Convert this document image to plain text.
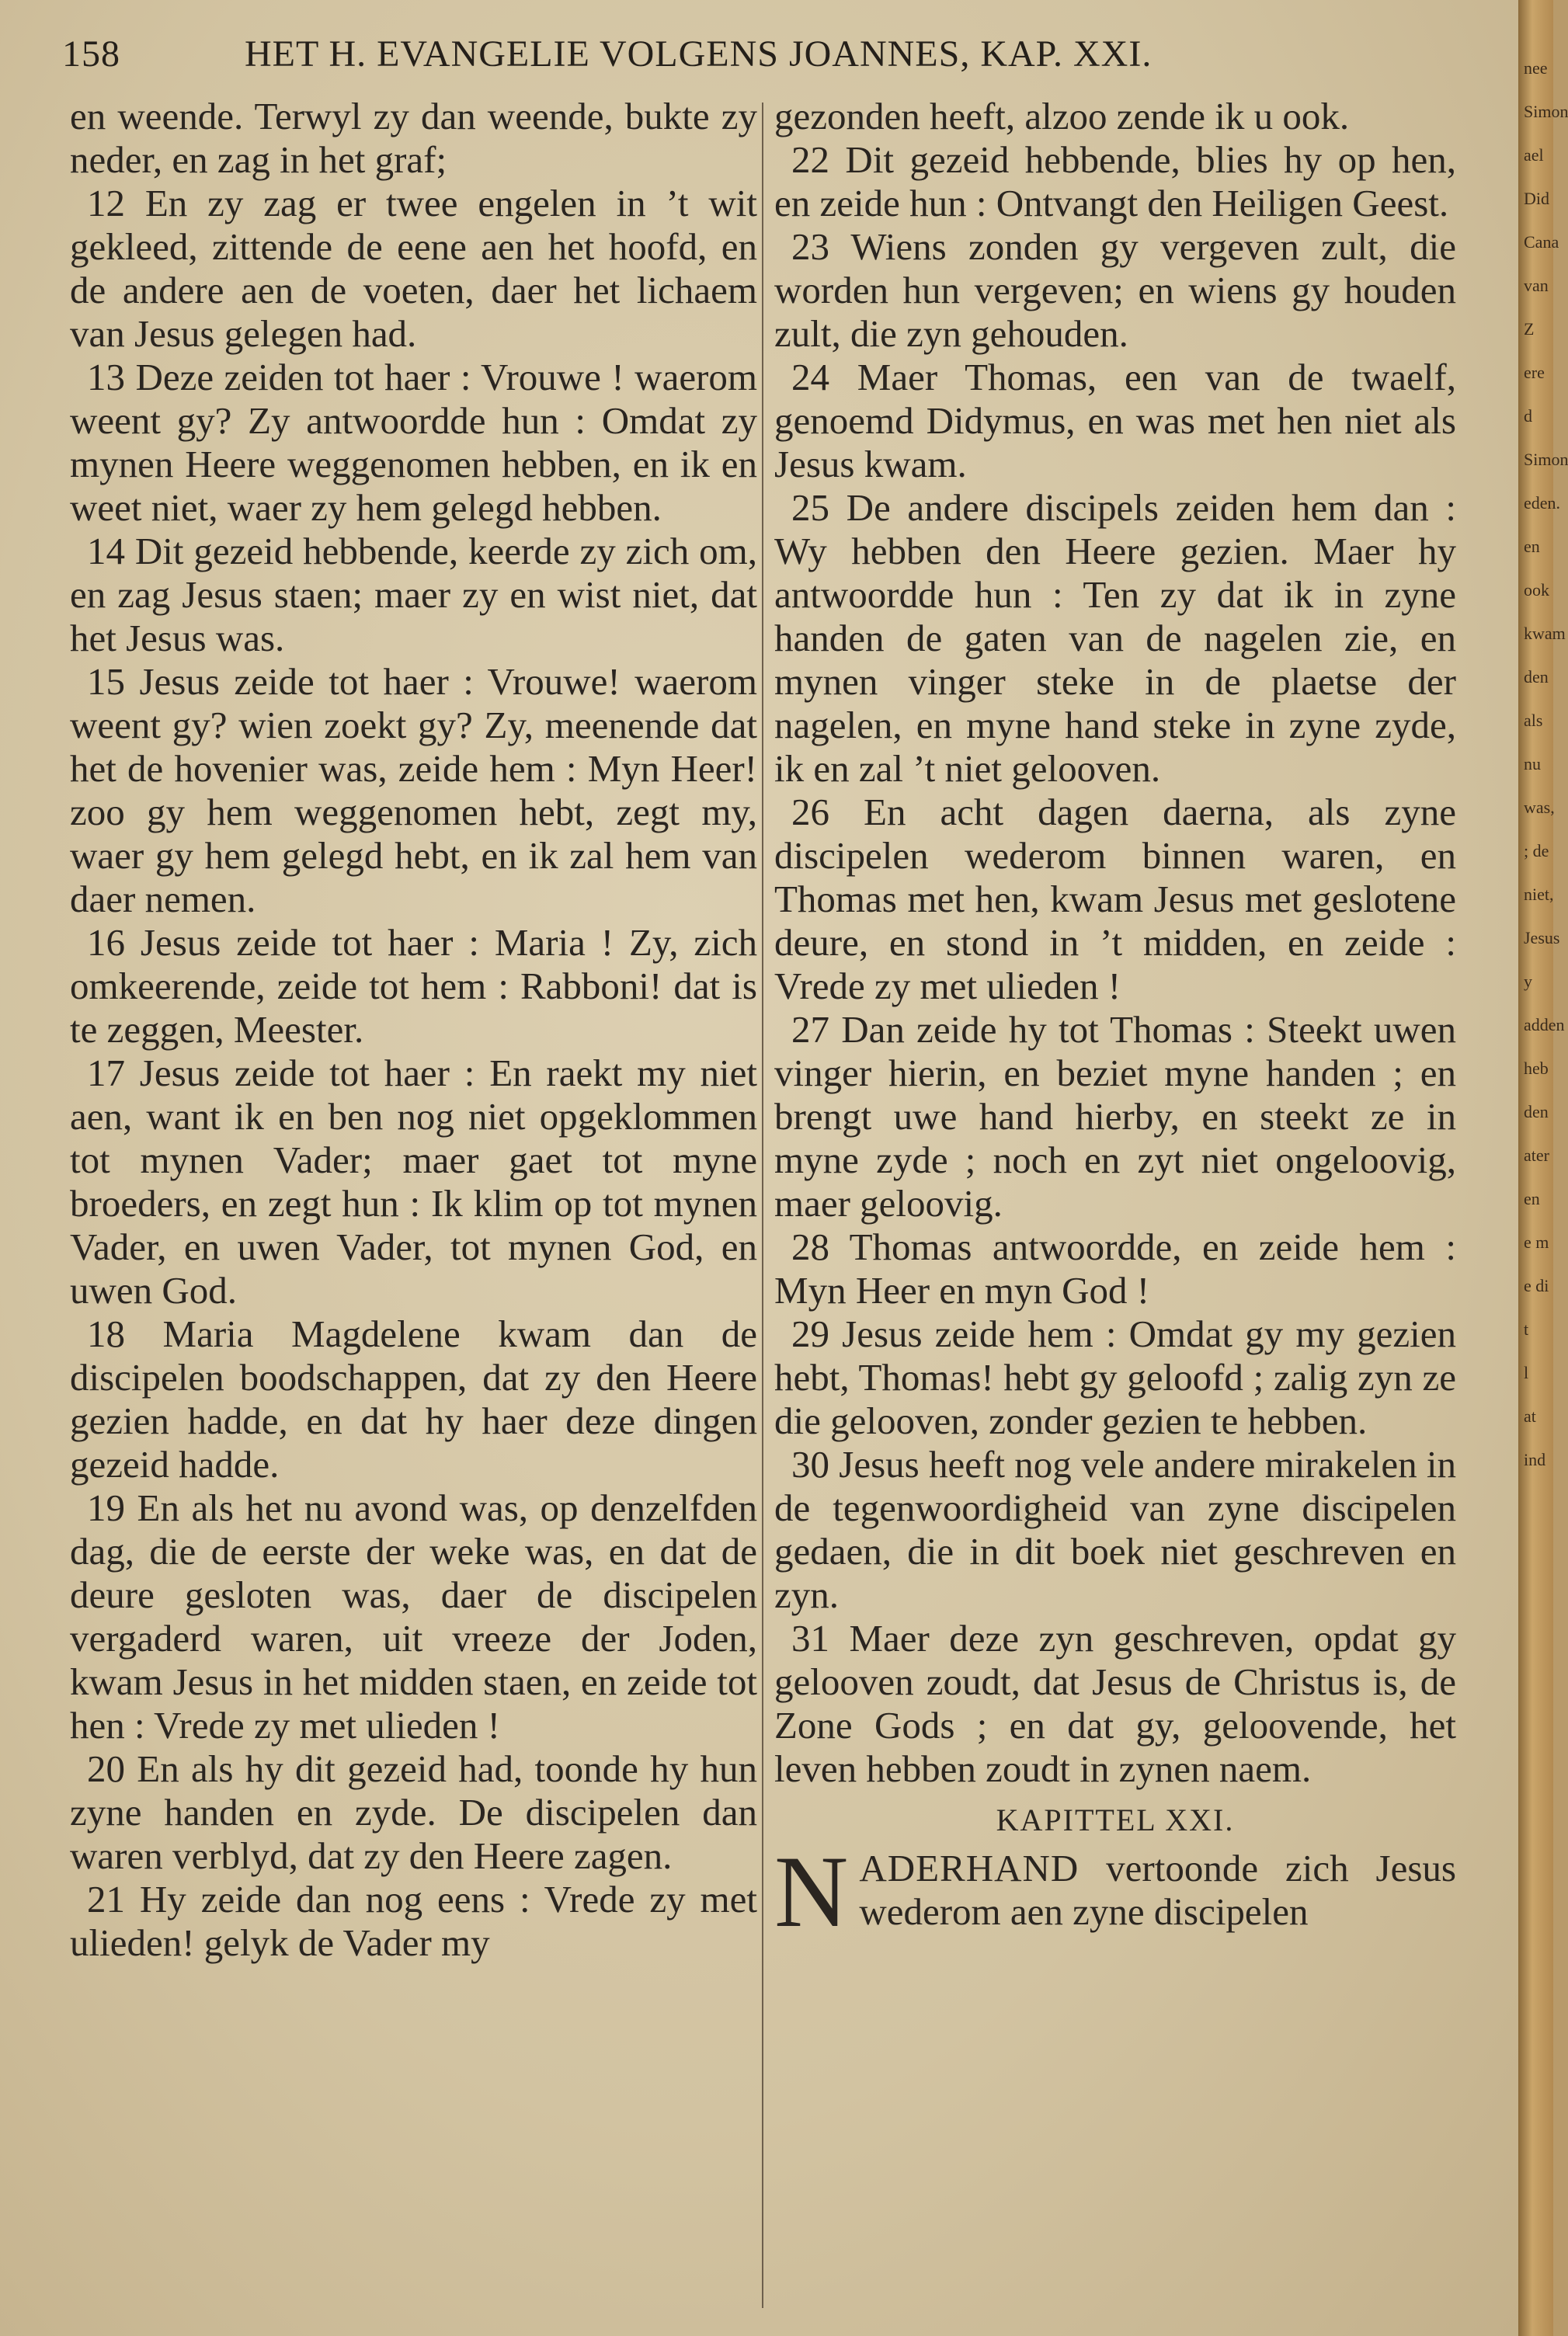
158	HET H. EVANGELIE VOLGENS JOANNES, KAP. XXI.

en weende. Terwyl zy dan weende, bukte zy neder, en zag in het graf;

12 En zy zag er twee engelen in ’t wit gekleed, zittende de eene aen het hoofd, en de andere aen de voeten, daer het lichaem van Jesus gelegen had.

13 Deze zeiden tot haer : Vrouwe ! waerom weent gy? Zy antwoordde hun : Omdat zy mynen Heere weggenomen hebben, en ik en weet niet, waer zy hem gelegd hebben.

14 Dit gezeid hebbende, keerde zy zich om, en zag Jesus staen; maer zy en wist niet, dat het Jesus was.

15 Jesus zeide tot haer : Vrouwe! waerom weent gy? wien zoekt gy? Zy, meenende dat het de hovenier was, zeide hem : Myn Heer! zoo gy hem weggenomen hebt, zegt my, waer gy hem gelegd hebt, en ik zal hem van daer nemen.

16 Jesus zeide tot haer : Maria ! Zy, zich omkeerende, zeide tot hem : Rabboni! dat is te zeggen, Meester.

17 Jesus zeide tot haer : En raekt my niet aen, want ik en ben nog niet opgeklommen tot mynen Vader; maer gaet tot myne broeders, en zegt hun : Ik klim op tot mynen Vader, en uwen Vader, tot mynen God, en uwen God.

18 Maria Magdelene kwam dan de discipelen boodschappen, dat zy den Heere gezien hadde, en dat hy haer deze dingen gezeid hadde.

19 En als het nu avond was, op denzelfden dag, die de eerste der weke was, en dat de deure gesloten was, daer de discipelen vergaderd waren, uit vreeze der Joden, kwam Jesus in het midden staen, en zeide tot hen : Vrede zy met ulieden !

20 En als hy dit gezeid had, toonde hy hun zyne handen en zyde. De discipelen dan waren verblyd, dat zy den Heere zagen.

21 Hy zeide dan nog eens : Vrede zy met ulieden! gelyk de Vader my

gezonden heeft, alzoo zende ik u ook.

22 Dit gezeid hebbende, blies hy op hen, en zeide hun : Ontvangt den Heiligen Geest.

23 Wiens zonden gy vergeven zult, die worden hun vergeven; en wiens gy houden zult, die zyn gehouden.

24 Maer Thomas, een van de twaelf, genoemd Didymus, en was met hen niet als Jesus kwam.

25 De andere discipels zeiden hem dan : Wy hebben den Heere gezien. Maer hy antwoordde hun : Ten zy dat ik in zyne handen de gaten van de nagelen zie, en mynen vinger steke in de plaetse der nagelen, en myne hand steke in zyne zyde, ik en zal ’t niet gelooven.

26 En acht dagen daerna, als zyne discipelen wederom binnen waren, en Thomas met hen, kwam Jesus met geslotene deure, en stond in ’t midden, en zeide : Vrede zy met ulieden !

27 Dan zeide hy tot Thomas : Steekt uwen vinger hierin, en beziet myne handen ; en brengt uwe hand hierby, en steekt ze in myne zyde ; noch en zyt niet ongeloovig, maer geloovig.

28 Thomas antwoordde, en zeide hem : Myn Heer en myn God !

29 Jesus zeide hem : Omdat gy my gezien hebt, Thomas! hebt gy geloofd ; zalig zyn ze die gelooven, zonder gezien te hebben.

30 Jesus heeft nog vele andere mirakelen in de tegenwoordigheid van zyne discipelen gedaen, die in dit boek niet geschreven en zyn.

31 Maer deze zyn geschreven, opdat gy gelooven zoudt, dat Jesus de Christus is, de Zone Gods ; en dat gy, geloovende, het leven hebben zoudt in zynen naem.

KAPITTEL XXI.

NADERHAND vertoonde zich Jesus wederom aen zyne discipelen

nee
Simon
ael Did
Cana
van Z
ere d
Simon
eden.
en ook
kwam
den
als nu
was,
; de
niet,
Jesus
y
adden
heb
den
ater
en
e m
e di
t
l
at
ind
